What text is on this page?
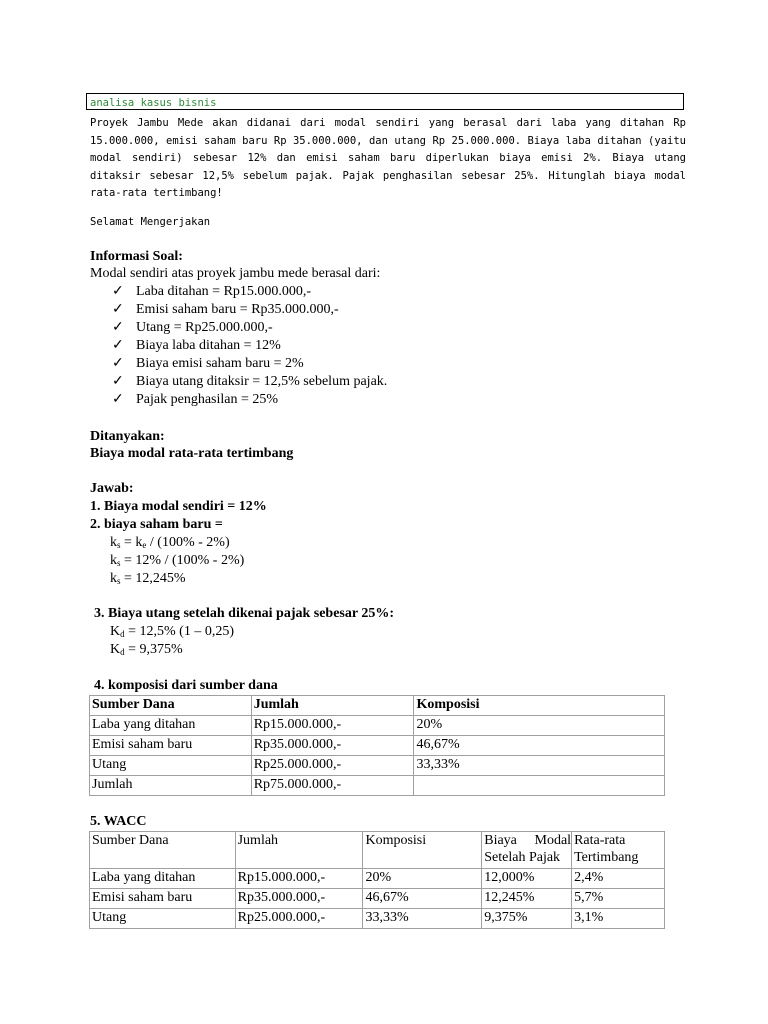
analisa kasus bisnis

Proyek Jambu Mede akan didanai dari modal sendiri yang berasal dari laba yang ditahan Rp 15.000.000, emisi saham baru Rp 35.000.000, dan utang Rp 25.000.000. Biaya laba ditahan (yaitu modal sendiri) sebesar 12% dan emisi saham baru diperlukan biaya emisi 2%. Biaya utang ditaksir sebesar 12,5% sebelum pajak. Pajak penghasilan sebesar 25%. Hitunglah biaya modal rata-rata tertimbang!

Selamat Mengerjakan
Informasi Soal:
Modal sendiri atas proyek jambu mede berasal dari:
✓ Laba ditahan = Rp15.000.000,-
✓ Emisi saham baru = Rp35.000.000,-
✓ Utang = Rp25.000.000,-
✓ Biaya laba ditahan = 12%
✓ Biaya emisi saham baru = 2%
✓ Biaya utang ditaksir = 12,5% sebelum pajak.
✓ Pajak penghasilan = 25%
Ditanyakan:
Biaya modal rata-rata tertimbang
Jawab:
1. Biaya modal sendiri = 12%
2. biaya saham baru =
$k_s = k_e / (100\% - 2\%)$
$k_s = 12\% / (100\% - 2\%)$
$k_s = 12,245\%$
3. Biaya utang setelah dikenai pajak sebesar 25%:
$K_d = 12,5\%$ (1 – 0,25)
$K_d = 9,375\%$
4. komposisi dari sumber dana
Sumber Dana	Jumlah	Komposisi
Laba yang ditahan	Rp15.000.000,-	20%
Emisi saham baru	Rp35.000.000,-	46,67%
Utang	Rp25.000.000,-	33,33%
Jumlah	Rp75.000.000,-	
5. WACC
Sumber Dana	Jumlah	Komposisi	Biaya Modal Setelah Pajak	Rata-rata Tertimbang
Laba yang ditahan	Rp15.000.000,-	20%	12,000%	2,4%
Emisi saham baru	Rp35.000.000,-	46,67%	12,245%	5,7%
Utang	Rp25.000.000,-	33,33%	9,375%	3,1%
